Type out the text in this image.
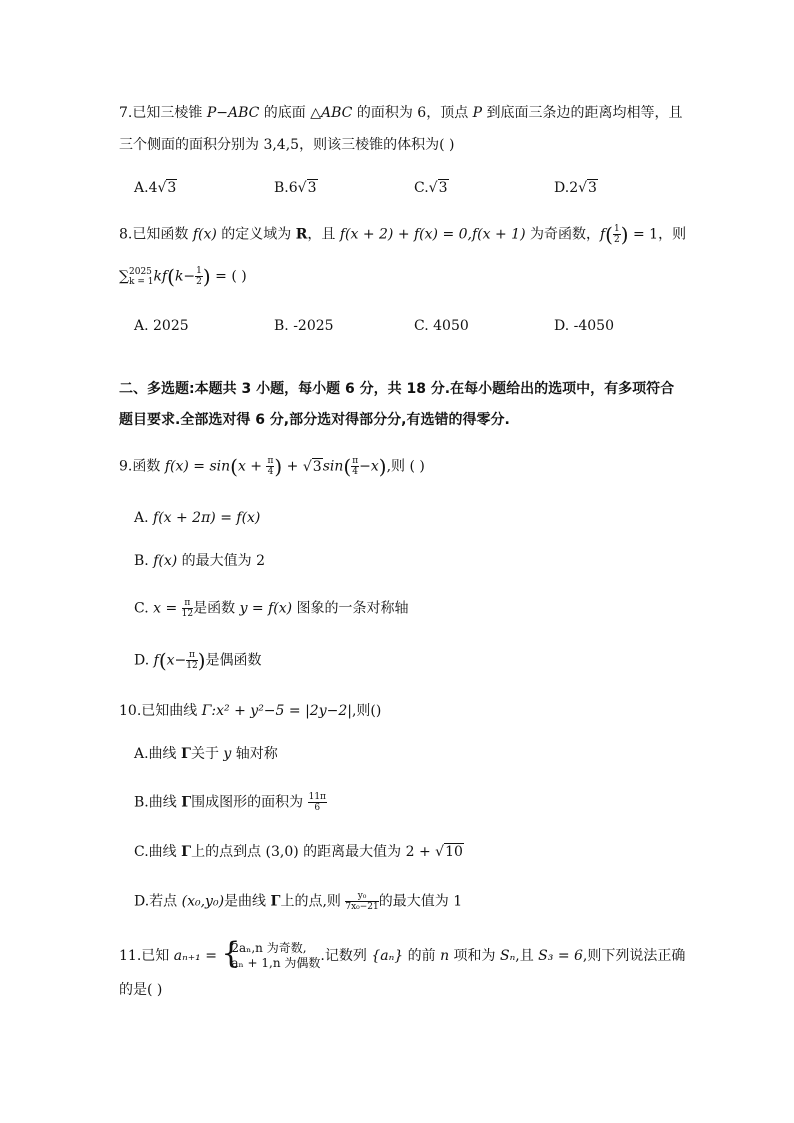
7.已知三棱锥 P−ABC 的底面 △ABC 的面积为 6，顶点 P 到底面三条边的距离均相等，且
三个侧面的面积分别为 3,4,5，则该三棱锥的体积为( )
A.4√3	B.6√3	C.√3	D.2√3
8.已知函数 f(x) 的定义域为 R，且 f(x + 2) + f(x) = 0,f(x + 1) 为奇函数，$f( \frac{1}{2}$ ) = 1，则
∑ 2025
k = 1 $kf(k- \frac{1}{2}$ ) = ( )
A. 2025	B. -2025	C. 4050	D. -4050
二、多选题:本题共 3 小题，每小题 6 分，共 18 分.在每小题给出的选项中，有多项符合
题目要求.全部选对得 6 分,部分选对得部分分,有选错的得零分.
9.函数 $f(x) = \sin(x + \frac{\pi}{4}$ ) + $√3\sin( \frac{\pi}{4} -x)$,则 ( )
A. f(x + 2π) = f(x)
B. f(x) 的最大值为 2
C. $x = \frac{\pi}{12}$ 是函数 y = f(x) 图象的一条对称轴
D. $f(x- \frac{\pi}{12}$ )是偶函数
10.已知曲线 Γ:x² + y²−5 = |2y−2|,则()
A.曲线 Γ关于 y 轴对称
B.曲线 Γ围成图形的面积为 $\frac{11\pi}{6}$
C.曲线 Γ上的点到点 (3,0) 的距离最大值为 2 + √10
D.若点 (x₀,y₀)是曲线 Γ上的点,则 $\frac{\text{y₀}}{\text{7x₀−21}}$ 的最大值为 1
11.已知 aₙ₊₁ = {
2aₙ,n 为奇数,
aₙ + 1,n 为偶数 .记数列 {aₙ} 的前 n 项和为 Sₙ,且 S₃ = 6,则下列说法正确
的是( )
